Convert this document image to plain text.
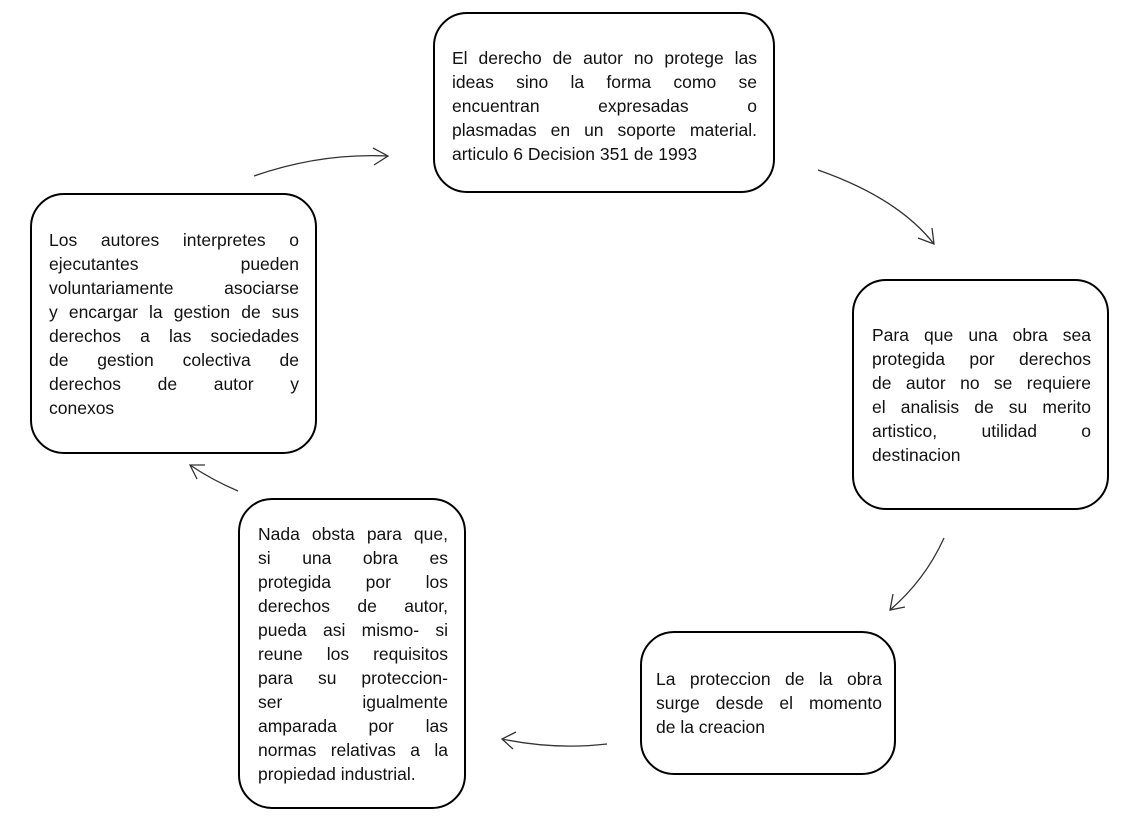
El derecho de autor no protege las
ideas sino la forma como se
encuentran expresadas o
plasmadas en un soporte material.
articulo 6 Decision 351 de 1993

Para que una obra sea
protegida por derechos
de autor no se requiere
el analisis de su merito
artistico, utilidad o
destinacion

La proteccion de la obra
surge desde el momento
de la creacion

Nada obsta para que,
si una obra es
protegida por los
derechos de autor,
pueda asi mismo- si
reune los requisitos
para su proteccion-
ser igualmente
amparada por las
normas relativas a la
propiedad industrial.

Los autores interpretes o
ejecutantes pueden
voluntariamente asociarse
y encargar la gestion de sus
derechos a las sociedades
de gestion colectiva de
derechos de autor y
conexos
